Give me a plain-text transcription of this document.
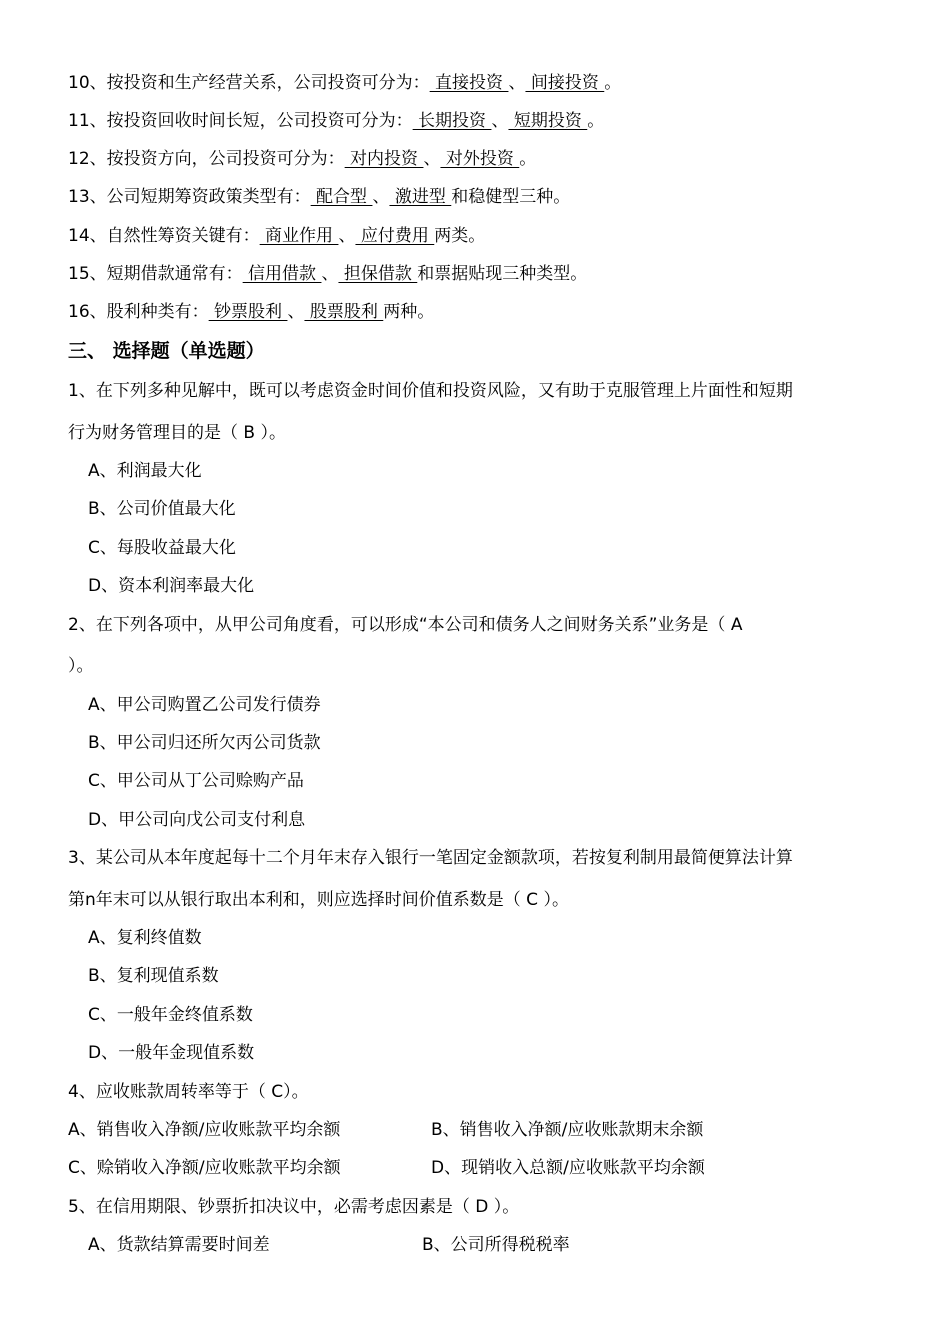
10、按投资和生产经营关系，公司投资可分为： 直接投资 、 间接投资 。
11、按投资回收时间长短，公司投资可分为： 长期投资 、 短期投资 。
12、按投资方向，公司投资可分为： 对内投资 、 对外投资 。
13、公司短期筹资政策类型有： 配合型 、 激进型 和稳健型三种。
14、自然性筹资关键有： 商业作用 、 应付费用 两类。
15、短期借款通常有： 信用借款 、 担保借款 和票据贴现三种类型。
16、股利种类有： 钞票股利 、 股票股利 两种。
三、 选择题（单选题）
1、在下列多种见解中，既可以考虑资金时间价值和投资风险，又有助于克服管理上片面性和短期
行为财务管理目的是（ B ）。
A、利润最大化
B、公司价值最大化
C、每股收益最大化
D、资本利润率最大化
2、在下列各项中，从甲公司角度看，可以形成“本公司和债务人之间财务关系”业务是（ A
）。
A、甲公司购置乙公司发行债券
B、甲公司归还所欠丙公司货款
C、甲公司从丁公司赊购产品
D、甲公司向戊公司支付利息
3、某公司从本年度起每十二个月年末存入银行一笔固定金额款项，若按复利制用最简便算法计算
第n年末可以从银行取出本利和，则应选择时间价值系数是（ C ）。
A、复利终值数
B、复利现值系数
C、一般年金终值系数
D、一般年金现值系数
4、应收账款周转率等于（ C）。
A、销售收入净额/应收账款平均余额	B、销售收入净额/应收账款期末余额
C、赊销收入净额/应收账款平均余额	D、现销收入总额/应收账款平均余额
5、在信用期限、钞票折扣决议中，必需考虑因素是（ D ）。
A、货款结算需要时间差	B、公司所得税税率
